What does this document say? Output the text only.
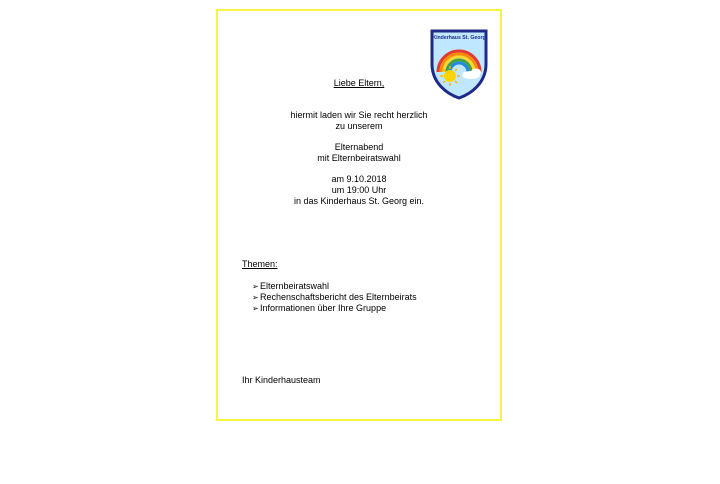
Kinderhaus St. Georg
Liebe Eltern,
hiermit laden wir Sie recht herzlich
zu unserem
Elternabend
mit Elternbeiratswahl
am 9.10.2018
um 19:00 Uhr
in das Kinderhaus St. Georg ein.
Themen:
➢ Elternbeiratswahl
➢ Rechenschaftsbericht des Elternbeirats
➢ Informationen über Ihre Gruppe
Ihr Kinderhausteam
